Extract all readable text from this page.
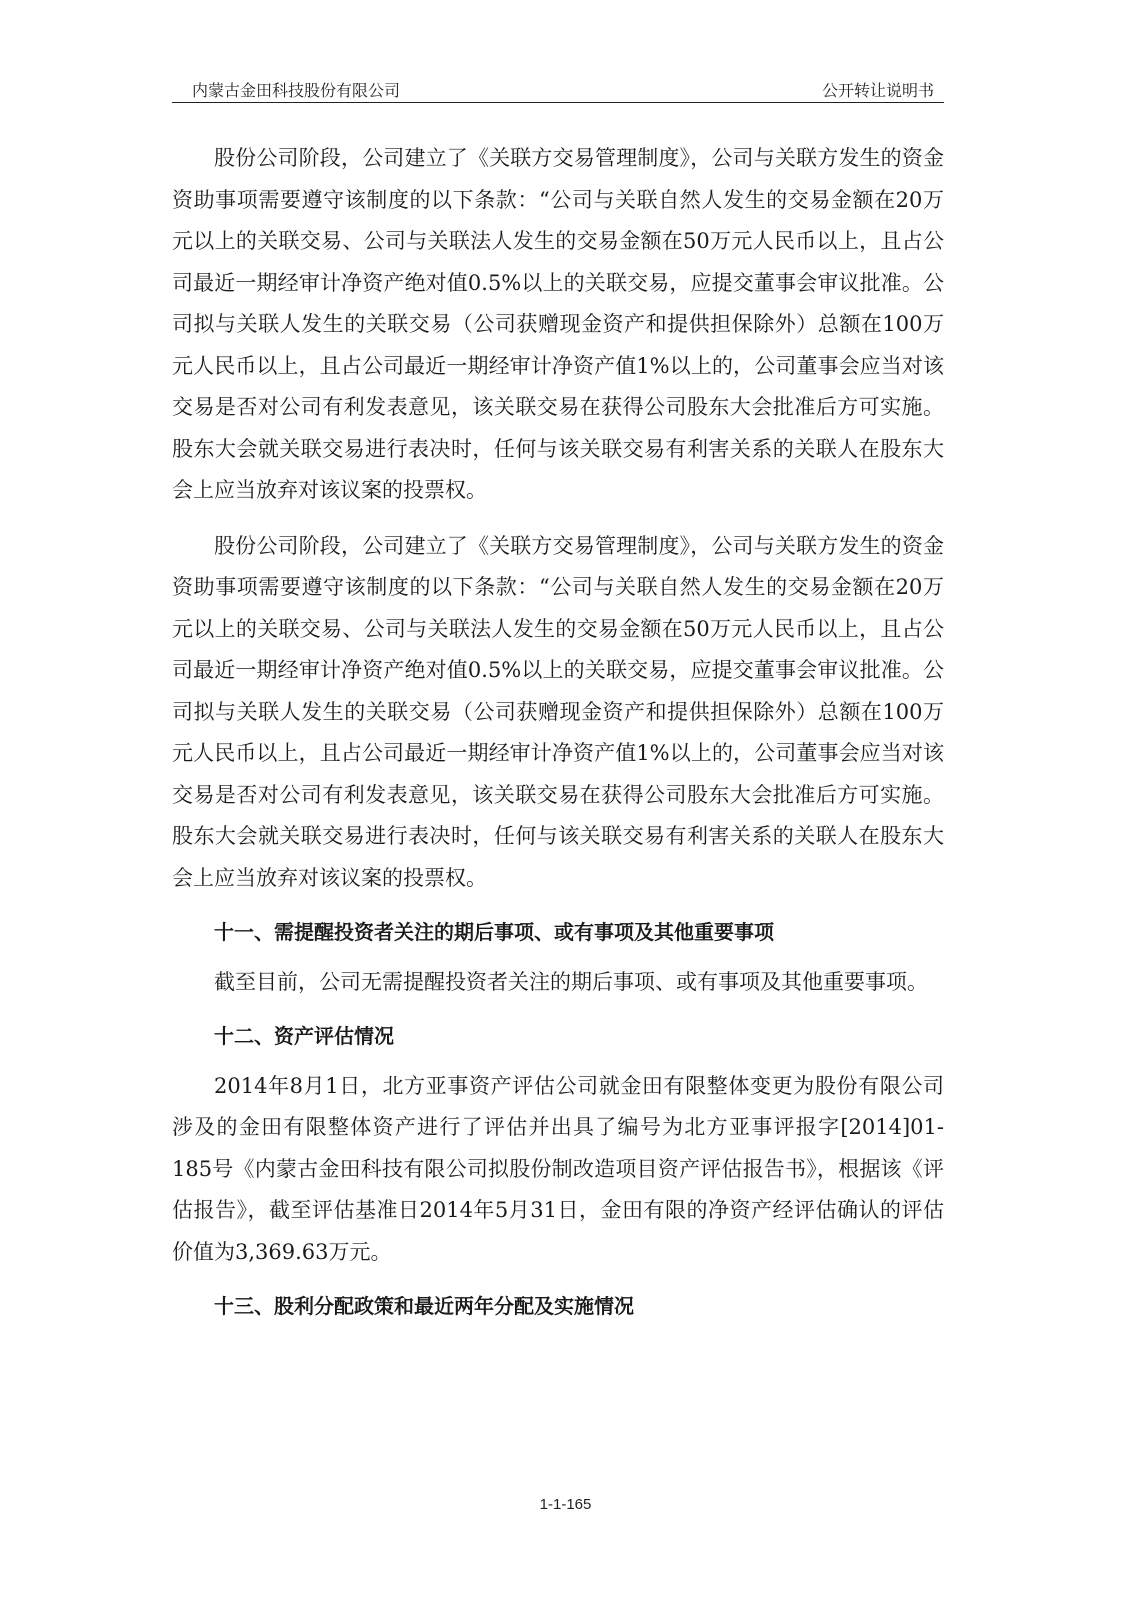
内蒙古金田科技股份有限公司	公开转让说明书

股份公司阶段，公司建立了《关联方交易管理制度》，公司与关联方发生的资金资助事项需要遵守该制度的以下条款：“公司与关联自然人发生的交易金额在20万元以上的关联交易、公司与关联法人发生的交易金额在50万元人民币以上，且占公司最近一期经审计净资产绝对值0.5%以上的关联交易，应提交董事会审议批准。公司拟与关联人发生的关联交易（公司获赠现金资产和提供担保除外）总额在100万元人民币以上，且占公司最近一期经审计净资产值1%以上的，公司董事会应当对该交易是否对公司有利发表意见，该关联交易在获得公司股东大会批准后方可实施。股东大会就关联交易进行表决时，任何与该关联交易有利害关系的关联人在股东大会上应当放弃对该议案的投票权。

股份公司阶段，公司建立了《关联方交易管理制度》，公司与关联方发生的资金资助事项需要遵守该制度的以下条款：“公司与关联自然人发生的交易金额在20万元以上的关联交易、公司与关联法人发生的交易金额在50万元人民币以上，且占公司最近一期经审计净资产绝对值0.5%以上的关联交易，应提交董事会审议批准。公司拟与关联人发生的关联交易（公司获赠现金资产和提供担保除外）总额在100万元人民币以上，且占公司最近一期经审计净资产值1%以上的，公司董事会应当对该交易是否对公司有利发表意见，该关联交易在获得公司股东大会批准后方可实施。股东大会就关联交易进行表决时，任何与该关联交易有利害关系的关联人在股东大会上应当放弃对该议案的投票权。

十一、需提醒投资者关注的期后事项、或有事项及其他重要事项

截至目前，公司无需提醒投资者关注的期后事项、或有事项及其他重要事项。

十二、资产评估情况

2014年8月1日，北方亚事资产评估公司就金田有限整体变更为股份有限公司涉及的金田有限整体资产进行了评估并出具了编号为北方亚事评报字[2014]01-185号《内蒙古金田科技有限公司拟股份制改造项目资产评估报告书》，根据该《评估报告》，截至评估基准日2014年5月31日，金田有限的净资产经评估确认的评估价值为3,369.63万元。

十三、股利分配政策和最近两年分配及实施情况

1-1-165
